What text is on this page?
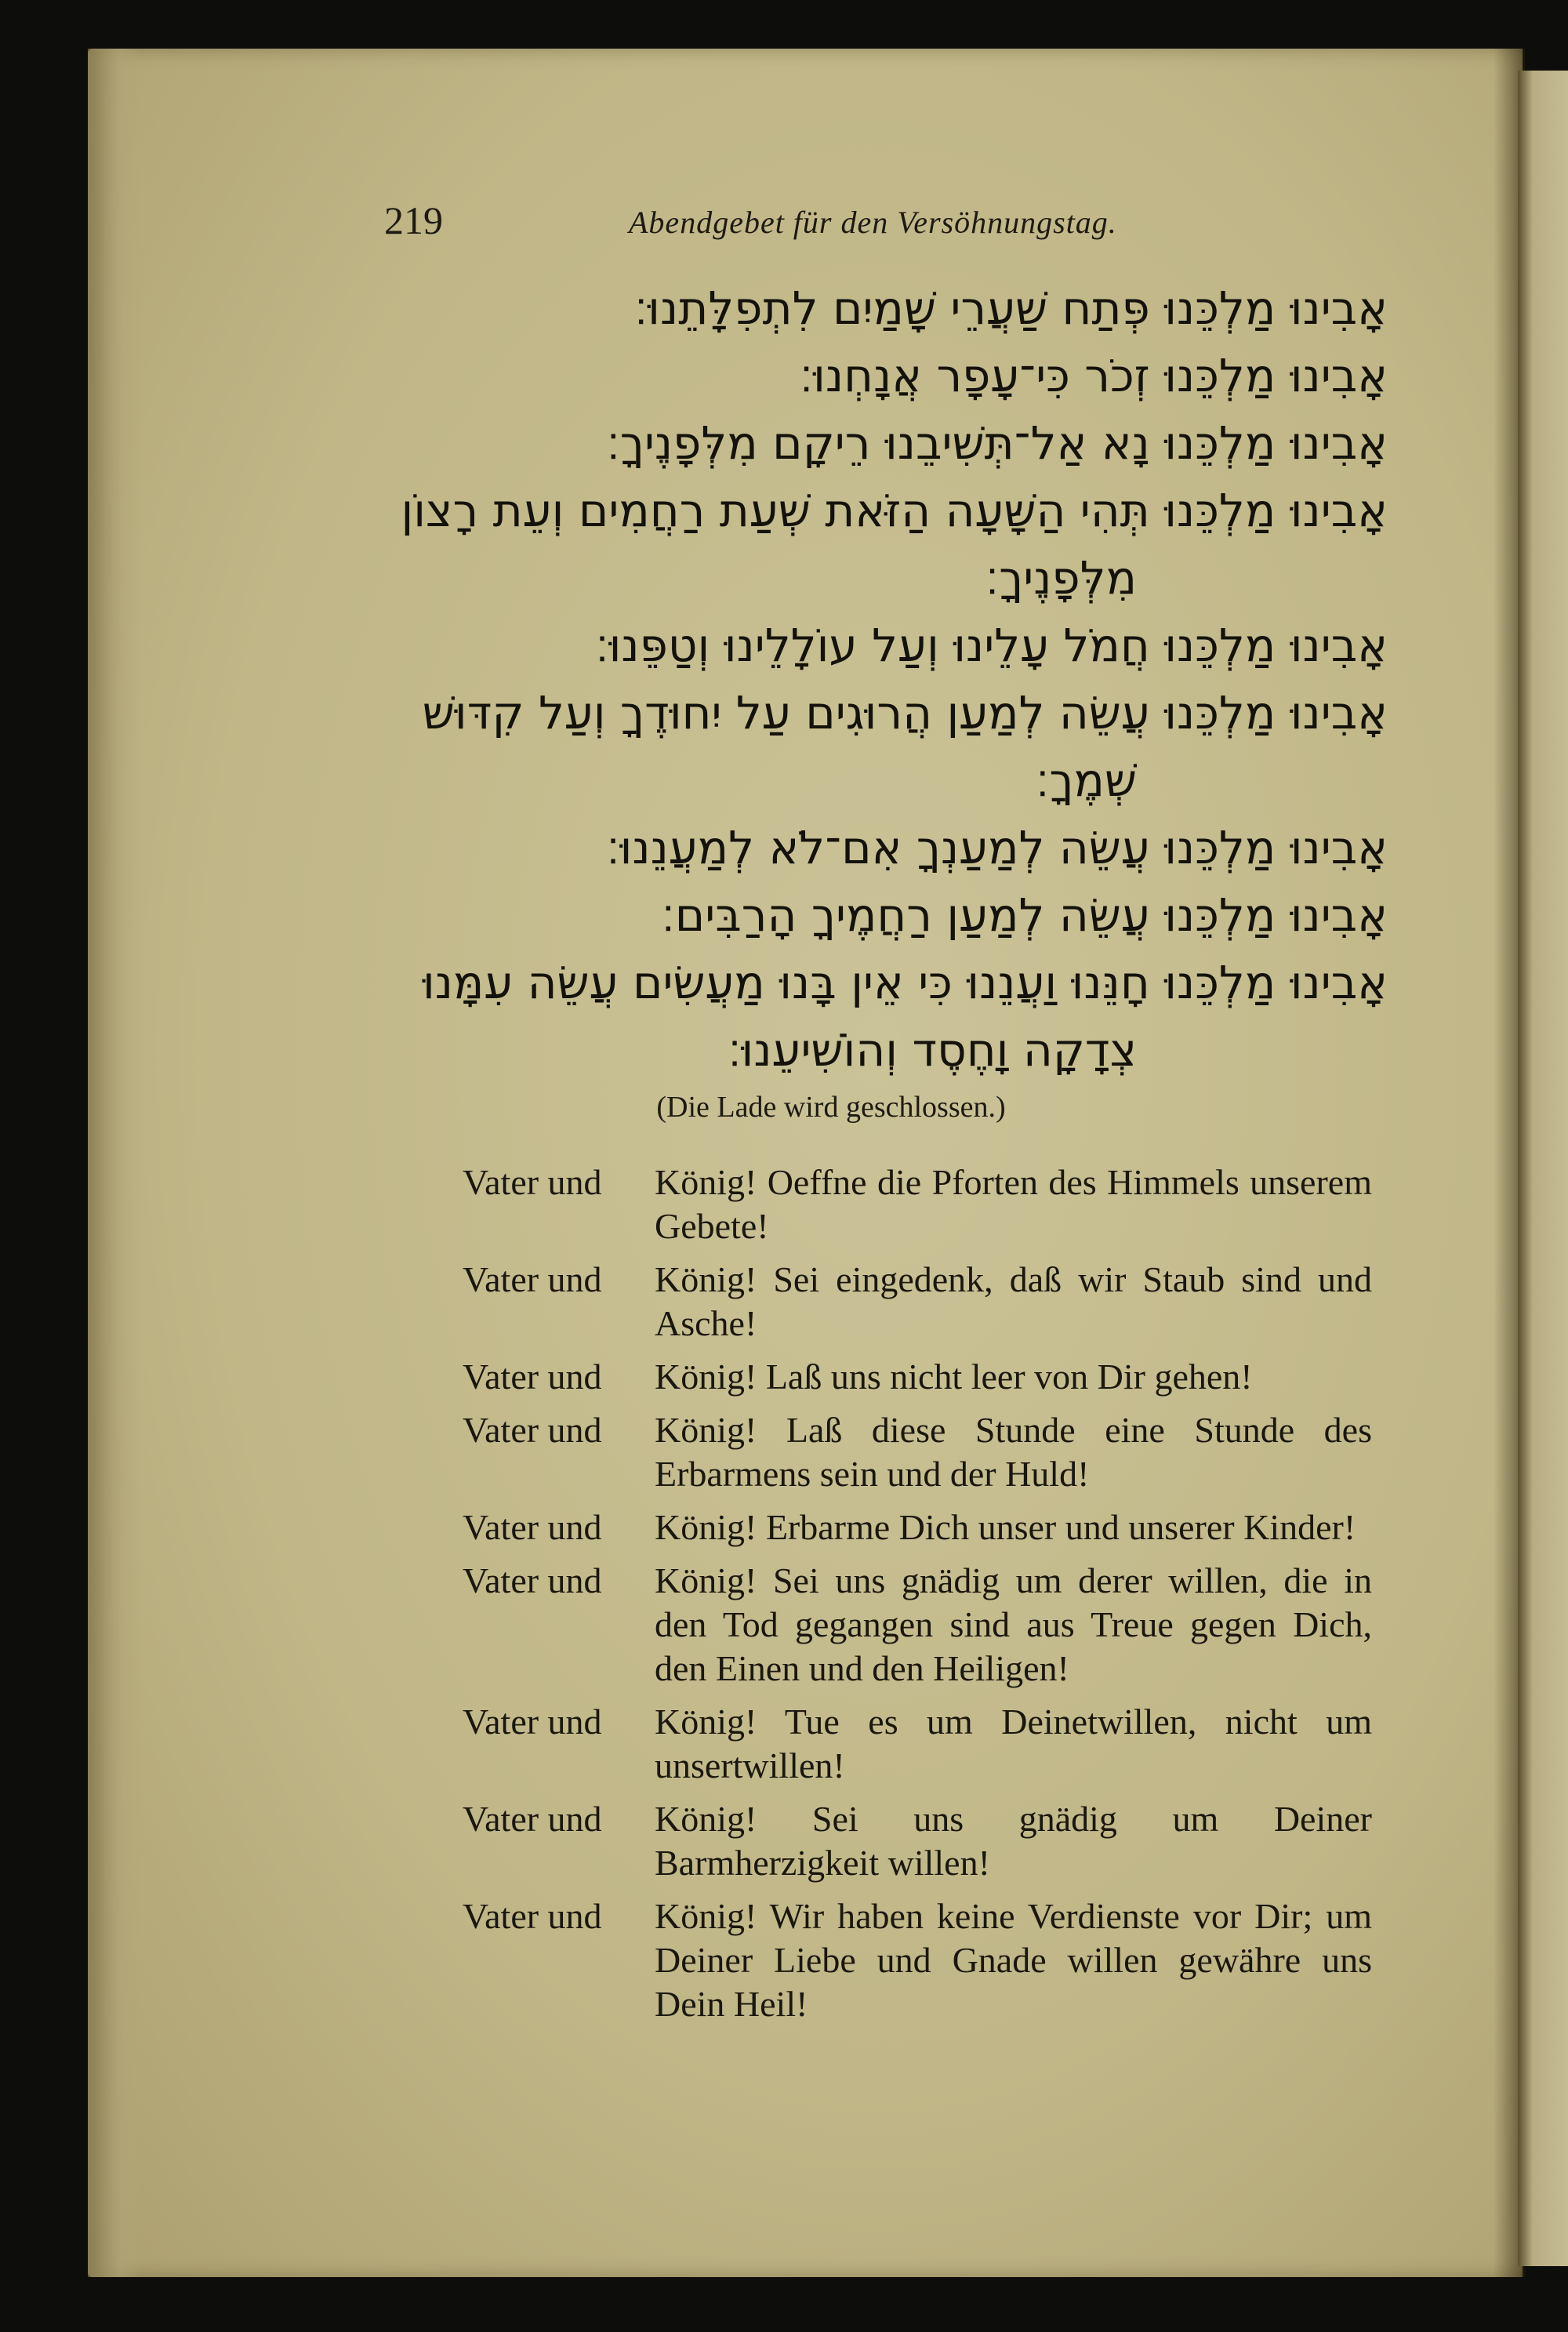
219	Abendgebet für den Versöhnungstag.
אָבִינוּ מַלְכֵּנוּ פְּתַח שַׁעֲרֵי שָׁמַיִם לִתְפִלָּתֵנוּ׃
אָבִינוּ מַלְכֵּנוּ זְכֹר כִּי־עָפָר אֲנָחְנוּ׃
אָבִינוּ מַלְכֵּנוּ נָא אַל־תְּשִׁיבֵנוּ רֵיקָם מִלְּפָנֶיךָ׃
אָבִינוּ מַלְכֵּנוּ תְּהִי הַשָּׁעָה הַזֹּאת שְׁעַת רַחֲמִים וְעֵת רָצוֹן
מִלְּפָנֶיךָ׃
אָבִינוּ מַלְכֵּנוּ חֲמֹל עָלֵינוּ וְעַל עוֹלָלֵינוּ וְטַפֵּנוּ׃
אָבִינוּ מַלְכֵּנוּ עֲשֵׂה לְמַעַן הֲרוּגִים עַל יִחוּדֶךָ וְעַל קִדּוּשׁ
שְׁמֶךָ׃
אָבִינוּ מַלְכֵּנוּ עֲשֵׂה לְמַעַנְךָ אִם־לֹא לְמַעֲנֵנוּ׃
אָבִינוּ מַלְכֵּנוּ עֲשֵׂה לְמַעַן רַחֲמֶיךָ הָרַבִּים׃
אָבִינוּ מַלְכֵּנוּ חָנֵּנוּ וַעֲנֵנוּ כִּי אֵין בָּנוּ מַעֲשִׂים עֲשֵׂה עִמָּנוּ
צְדָקָה וָחֶסֶד וְהוֹשִׁיעֵנוּ׃
(Die Lade wird geschlossen.)
Vater und	König! Oeffne die Pforten des Himmels unserem Gebete!
Vater und	König! Sei eingedenk, daß wir Staub sind und Asche!
Vater und	König! Laß uns nicht leer von Dir gehen!
Vater und	König! Laß diese Stunde eine Stunde des Erbarmens sein und der Huld!
Vater und	König! Erbarme Dich unser und unserer Kinder!
Vater und	König! Sei uns gnädig um derer willen, die in den Tod gegangen sind aus Treue gegen Dich, den Einen und den Heiligen!
Vater und	König! Tue es um Deinetwillen, nicht um unsertwillen!
Vater und	König! Sei uns gnädig um Deiner Barmherzigkeit willen!
Vater und	König! Wir haben keine Verdienste vor Dir; um Deiner Liebe und Gnade willen gewähre uns Dein Heil!
